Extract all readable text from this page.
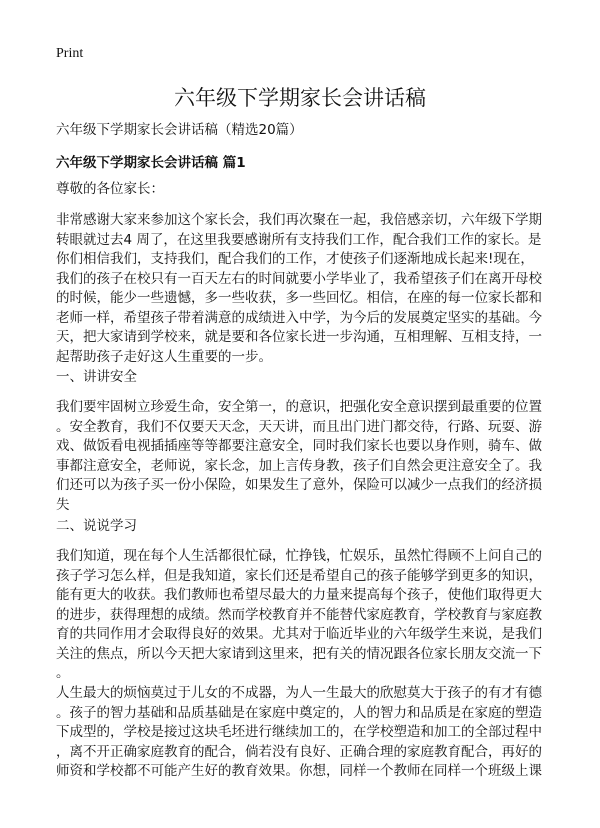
Print
六年级下学期家长会讲话稿
六年级下学期家长会讲话稿（精选20篇）
六年级下学期家长会讲话稿 篇1
尊敬的各位家长：
非常感谢大家来参加这个家长会，我们再次聚在一起，我倍感亲切，六年级下学期
转眼就过去4 周了，在这里我要感谢所有支持我们工作，配合我们工作的家长。是
你们相信我们，支持我们，配合我们的工作，才使孩子们逐渐地成长起来!现在，
我们的孩子在校只有一百天左右的时间就要小学毕业了，我希望孩子们在离开母校
的时候，能少一些遗憾，多一些收获，多一些回忆。相信，在座的每一位家长都和
老师一样，希望孩子带着满意的成绩进入中学，为今后的发展奠定坚实的基础。今
天，把大家请到学校来，就是要和各位家长进一步沟通，互相理解、互相支持，一
起帮助孩子走好这人生重要的一步。
一、讲讲安全
我们要牢固树立珍爱生命，安全第一，的意识，把强化安全意识摆到最重要的位置
。安全教育，我们不仅要天天念，天天讲，而且出门进门都交待，行路、玩耍、游
戏、做饭看电视插插座等等都要注意安全，同时我们家长也要以身作则，骑车、做
事都注意安全，老师说，家长念，加上言传身教，孩子们自然会更注意安全了。我
们还可以为孩子买一份小保险，如果发生了意外，保险可以减少一点我们的经济损
失
二、说说学习
我们知道，现在每个人生活都很忙碌，忙挣钱，忙娱乐，虽然忙得顾不上问自己的
孩子学习怎么样，但是我知道，家长们还是希望自己的孩子能够学到更多的知识，
能有更大的收获。我们教师也希望尽最大的力量来提高每个孩子，使他们取得更大
的进步，获得理想的成绩。然而学校教育并不能替代家庭教育，学校教育与家庭教
育的共同作用才会取得良好的效果。尤其对于临近毕业的六年级学生来说，是我们
关注的焦点，所以今天把大家请到这里来，把有关的情况跟各位家长朋友交流一下
。
人生最大的烦恼莫过于儿女的不成器，为人一生最大的欣慰莫大于孩子的有才有德
。孩子的智力基础和品质基础是在家庭中奠定的，人的智力和品质是在家庭的塑造
下成型的，学校是接过这块毛坯进行继续加工的，在学校塑造和加工的全部过程中
，离不开正确家庭教育的配合，倘若没有良好、正确合理的家庭教育配合，再好的
师资和学校都不可能产生好的教育效果。你想，同样一个教师在同样一个班级上课
